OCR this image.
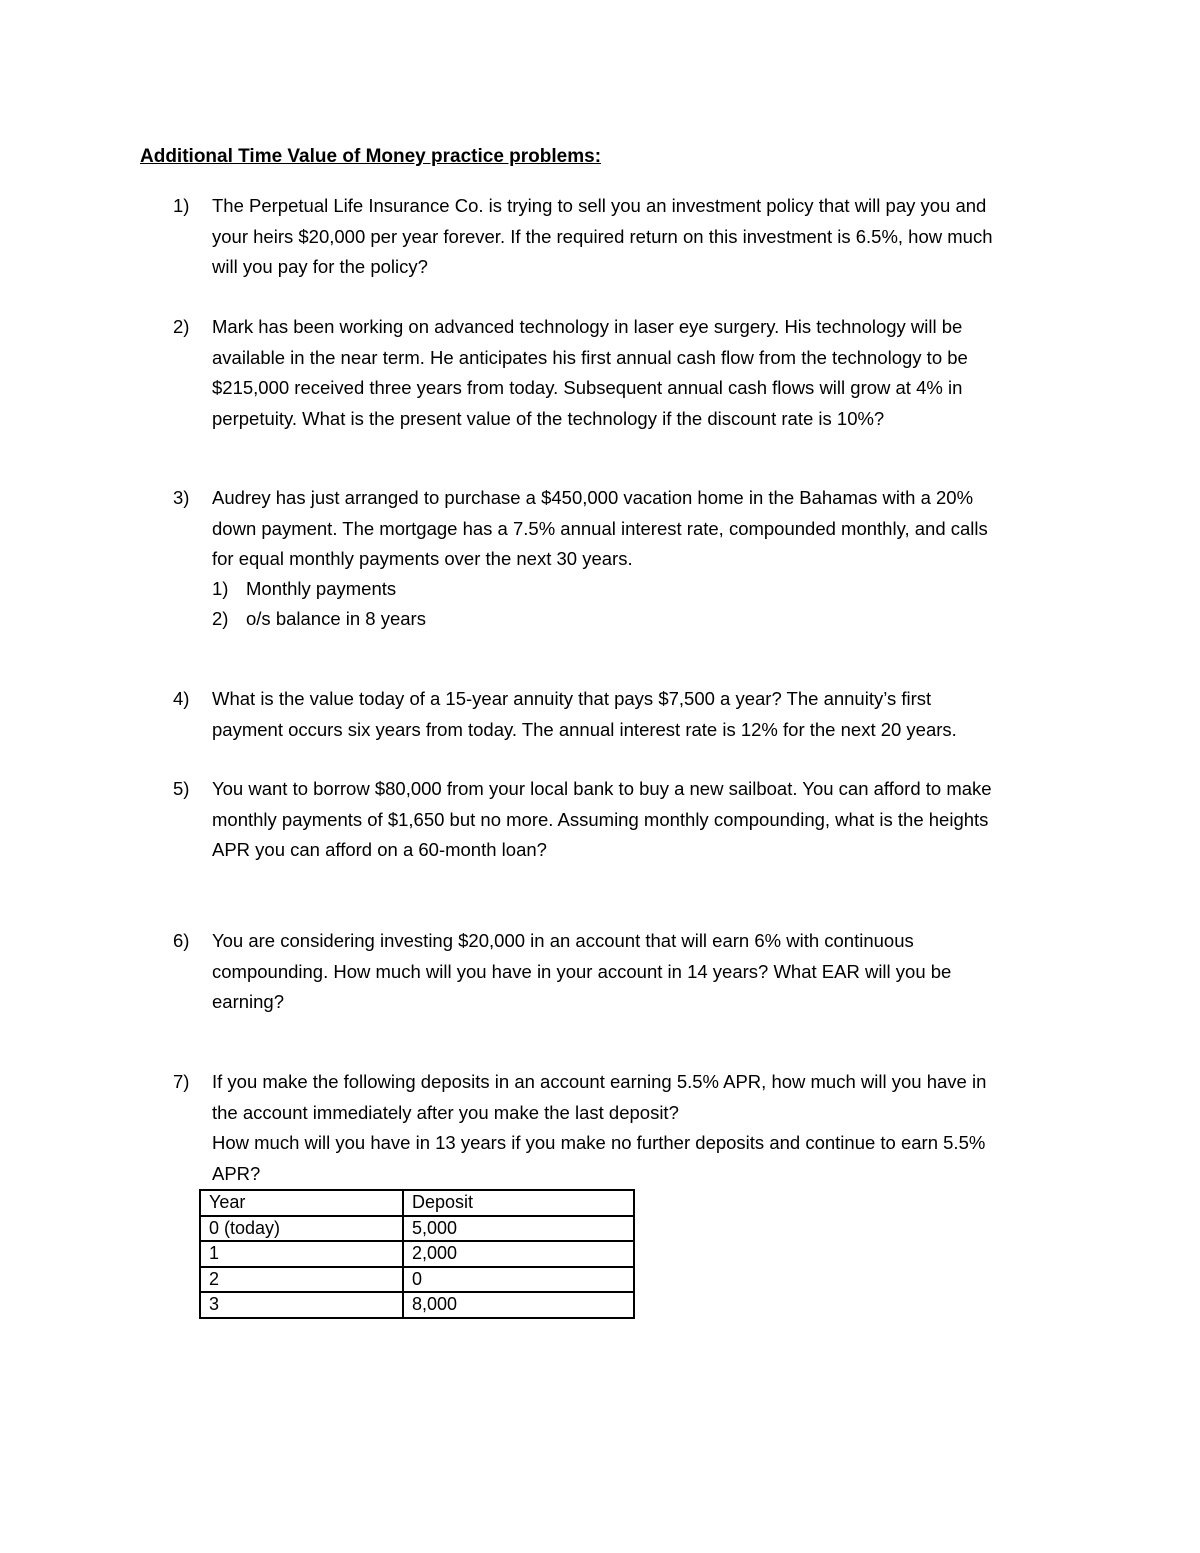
Additional Time Value of Money practice problems:
1) The Perpetual Life Insurance Co. is trying to sell you an investment policy that will pay you and
your heirs $20,000 per year forever. If the required return on this investment is 6.5%, how much
will you pay for the policy?
2) Mark has been working on advanced technology in laser eye surgery. His technology will be
available in the near term. He anticipates his first annual cash flow from the technology to be
$215,000 received three years from today. Subsequent annual cash flows will grow at 4% in
perpetuity. What is the present value of the technology if the discount rate is 10%?
3) Audrey has just arranged to purchase a $450,000 vacation home in the Bahamas with a 20%
down payment. The mortgage has a 7.5% annual interest rate, compounded monthly, and calls
for equal monthly payments over the next 30 years.
1) Monthly payments
2) o/s balance in 8 years
4) What is the value today of a 15-year annuity that pays $7,500 a year? The annuity’s first
payment occurs six years from today. The annual interest rate is 12% for the next 20 years.
5) You want to borrow $80,000 from your local bank to buy a new sailboat. You can afford to make
monthly payments of $1,650 but no more. Assuming monthly compounding, what is the heights
APR you can afford on a 60-month loan?
6) You are considering investing $20,000 in an account that will earn 6% with continuous
compounding. How much will you have in your account in 14 years? What EAR will you be
earning?
7) If you make the following deposits in an account earning 5.5% APR, how much will you have in
the account immediately after you make the last deposit?
How much will you have in 13 years if you make no further deposits and continue to earn 5.5%
APR?
Year	Deposit
0 (today)	5,000
1	2,000
2	0
3	8,000
